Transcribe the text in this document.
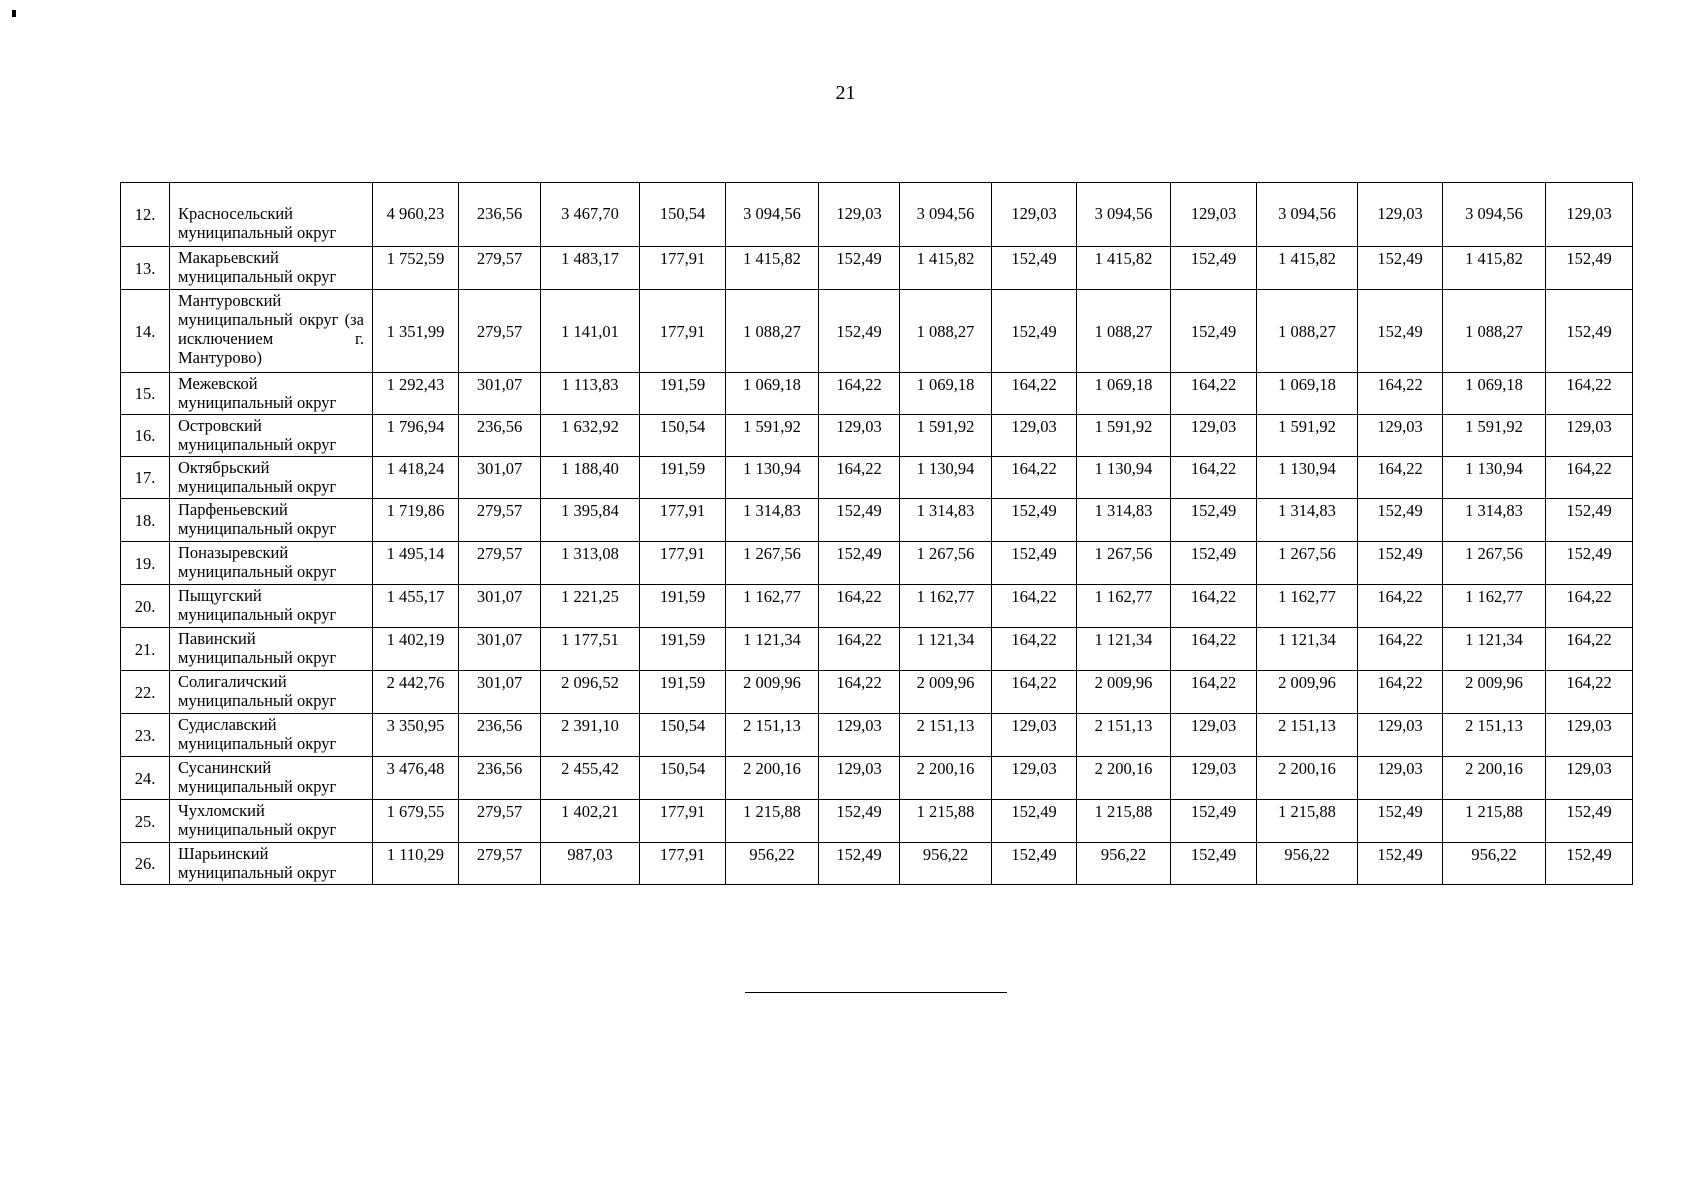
21
12.	Красносельский муниципальный округ	4 960,23	236,56	3 467,70	150,54	3 094,56	129,03	3 094,56	129,03	3 094,56	129,03	3 094,56	129,03	3 094,56	129,03
13.	Макарьевский муниципальный округ	1 752,59	279,57	1 483,17	177,91	1 415,82	152,49	1 415,82	152,49	1 415,82	152,49	1 415,82	152,49	1 415,82	152,49
14.	Мантуровский муниципальный округ (за исключением г. Мантурово)	1 351,99	279,57	1 141,01	177,91	1 088,27	152,49	1 088,27	152,49	1 088,27	152,49	1 088,27	152,49	1 088,27	152,49
15.	Межевской муниципальный округ	1 292,43	301,07	1 113,83	191,59	1 069,18	164,22	1 069,18	164,22	1 069,18	164,22	1 069,18	164,22	1 069,18	164,22
16.	Островский муниципальный округ	1 796,94	236,56	1 632,92	150,54	1 591,92	129,03	1 591,92	129,03	1 591,92	129,03	1 591,92	129,03	1 591,92	129,03
17.	Октябрьский муниципальный округ	1 418,24	301,07	1 188,40	191,59	1 130,94	164,22	1 130,94	164,22	1 130,94	164,22	1 130,94	164,22	1 130,94	164,22
18.	Парфеньевский муниципальный округ	1 719,86	279,57	1 395,84	177,91	1 314,83	152,49	1 314,83	152,49	1 314,83	152,49	1 314,83	152,49	1 314,83	152,49
19.	Поназыревский муниципальный округ	1 495,14	279,57	1 313,08	177,91	1 267,56	152,49	1 267,56	152,49	1 267,56	152,49	1 267,56	152,49	1 267,56	152,49
20.	Пыщугский муниципальный округ	1 455,17	301,07	1 221,25	191,59	1 162,77	164,22	1 162,77	164,22	1 162,77	164,22	1 162,77	164,22	1 162,77	164,22
21.	Павинский муниципальный округ	1 402,19	301,07	1 177,51	191,59	1 121,34	164,22	1 121,34	164,22	1 121,34	164,22	1 121,34	164,22	1 121,34	164,22
22.	Солигаличский муниципальный округ	2 442,76	301,07	2 096,52	191,59	2 009,96	164,22	2 009,96	164,22	2 009,96	164,22	2 009,96	164,22	2 009,96	164,22
23.	Судиславский муниципальный округ	3 350,95	236,56	2 391,10	150,54	2 151,13	129,03	2 151,13	129,03	2 151,13	129,03	2 151,13	129,03	2 151,13	129,03
24.	Сусанинский муниципальный округ	3 476,48	236,56	2 455,42	150,54	2 200,16	129,03	2 200,16	129,03	2 200,16	129,03	2 200,16	129,03	2 200,16	129,03
25.	Чухломский муниципальный округ	1 679,55	279,57	1 402,21	177,91	1 215,88	152,49	1 215,88	152,49	1 215,88	152,49	1 215,88	152,49	1 215,88	152,49
26.	Шарьинский муниципальный округ	1 110,29	279,57	987,03	177,91	956,22	152,49	956,22	152,49	956,22	152,49	956,22	152,49	956,22	152,49
